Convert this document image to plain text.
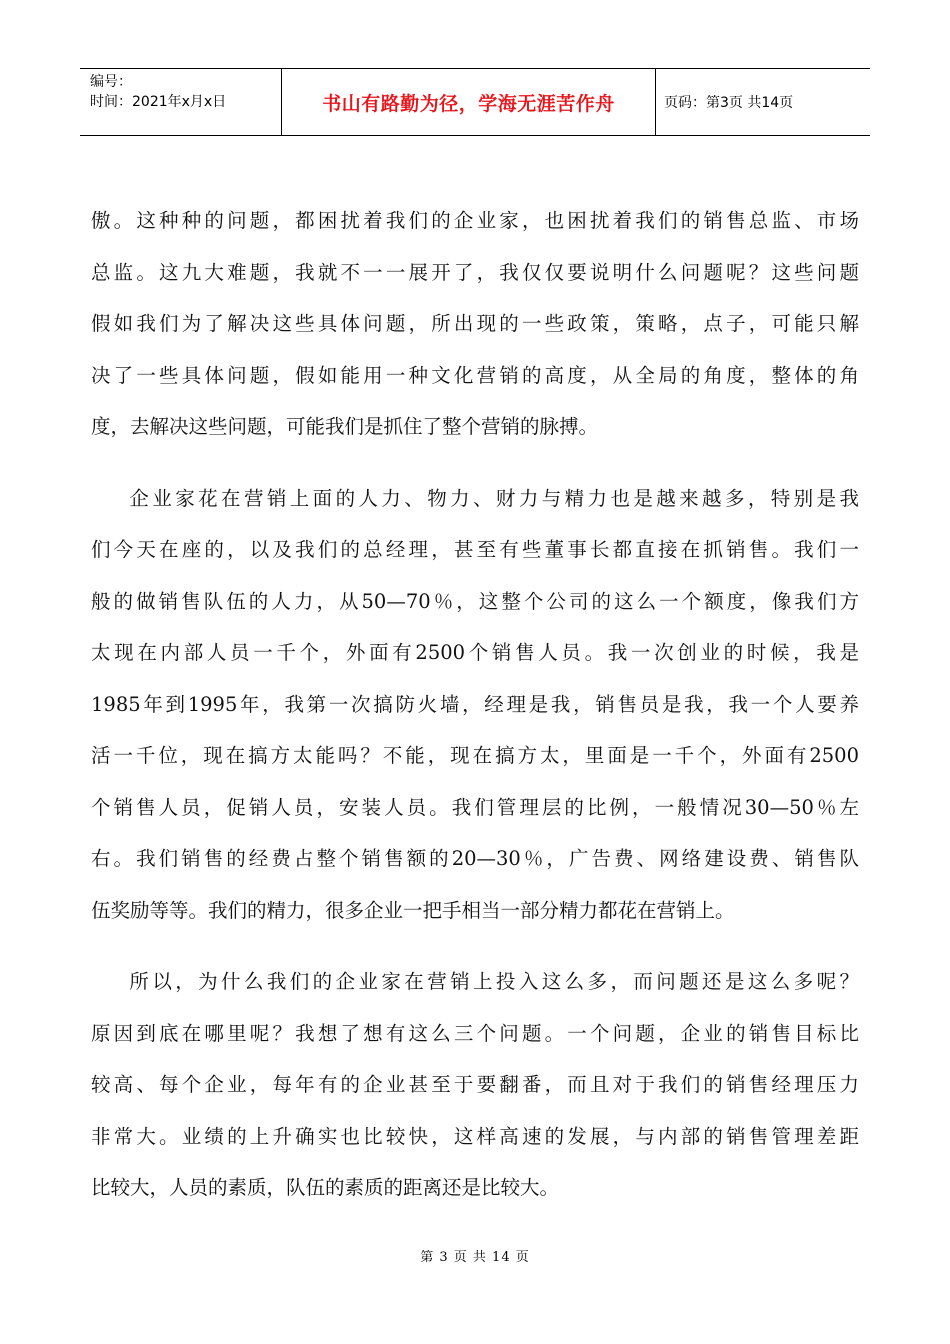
编号：
时间：2021年x月x日	书山有路勤为径，学海无涯苦作舟	页码：第3页 共14页

傲。这种种的问题，都困扰着我们的企业家，也困扰着我们的销售总监、市场
总监。这九大难题，我就不一一展开了，我仅仅要说明什么问题呢？这些问题
假如我们为了解决这些具体问题，所出现的一些政策，策略，点子，可能只解
决了一些具体问题，假如能用一种文化营销的高度，从全局的角度，整体的角
度，去解决这些问题，可能我们是抓住了整个营销的脉搏。

企业家花在营销上面的人力、物力、财力与精力也是越来越多，特别是我
们今天在座的，以及我们的总经理，甚至有些董事长都直接在抓销售。我们一
般的做销售队伍的人力，从50—70％，这整个公司的这么一个额度，像我们方
太现在内部人员一千个，外面有2500个销售人员。我一次创业的时候，我是
1985年到1995年，我第一次搞防火墙，经理是我，销售员是我，我一个人要养
活一千位，现在搞方太能吗？不能，现在搞方太，里面是一千个，外面有2500
个销售人员，促销人员，安装人员。我们管理层的比例，一般情况30—50％左
右。我们销售的经费占整个销售额的20—30％，广告费、网络建设费、销售队
伍奖励等等。我们的精力，很多企业一把手相当一部分精力都花在营销上。

所以，为什么我们的企业家在营销上投入这么多，而问题还是这么多呢？
原因到底在哪里呢？我想了想有这么三个问题。一个问题，企业的销售目标比
较高、每个企业，每年有的企业甚至于要翻番，而且对于我们的销售经理压力
非常大。业绩的上升确实也比较快，这样高速的发展，与内部的销售管理差距
比较大，人员的素质，队伍的素质的距离还是比较大。

第 3 页 共 14 页
